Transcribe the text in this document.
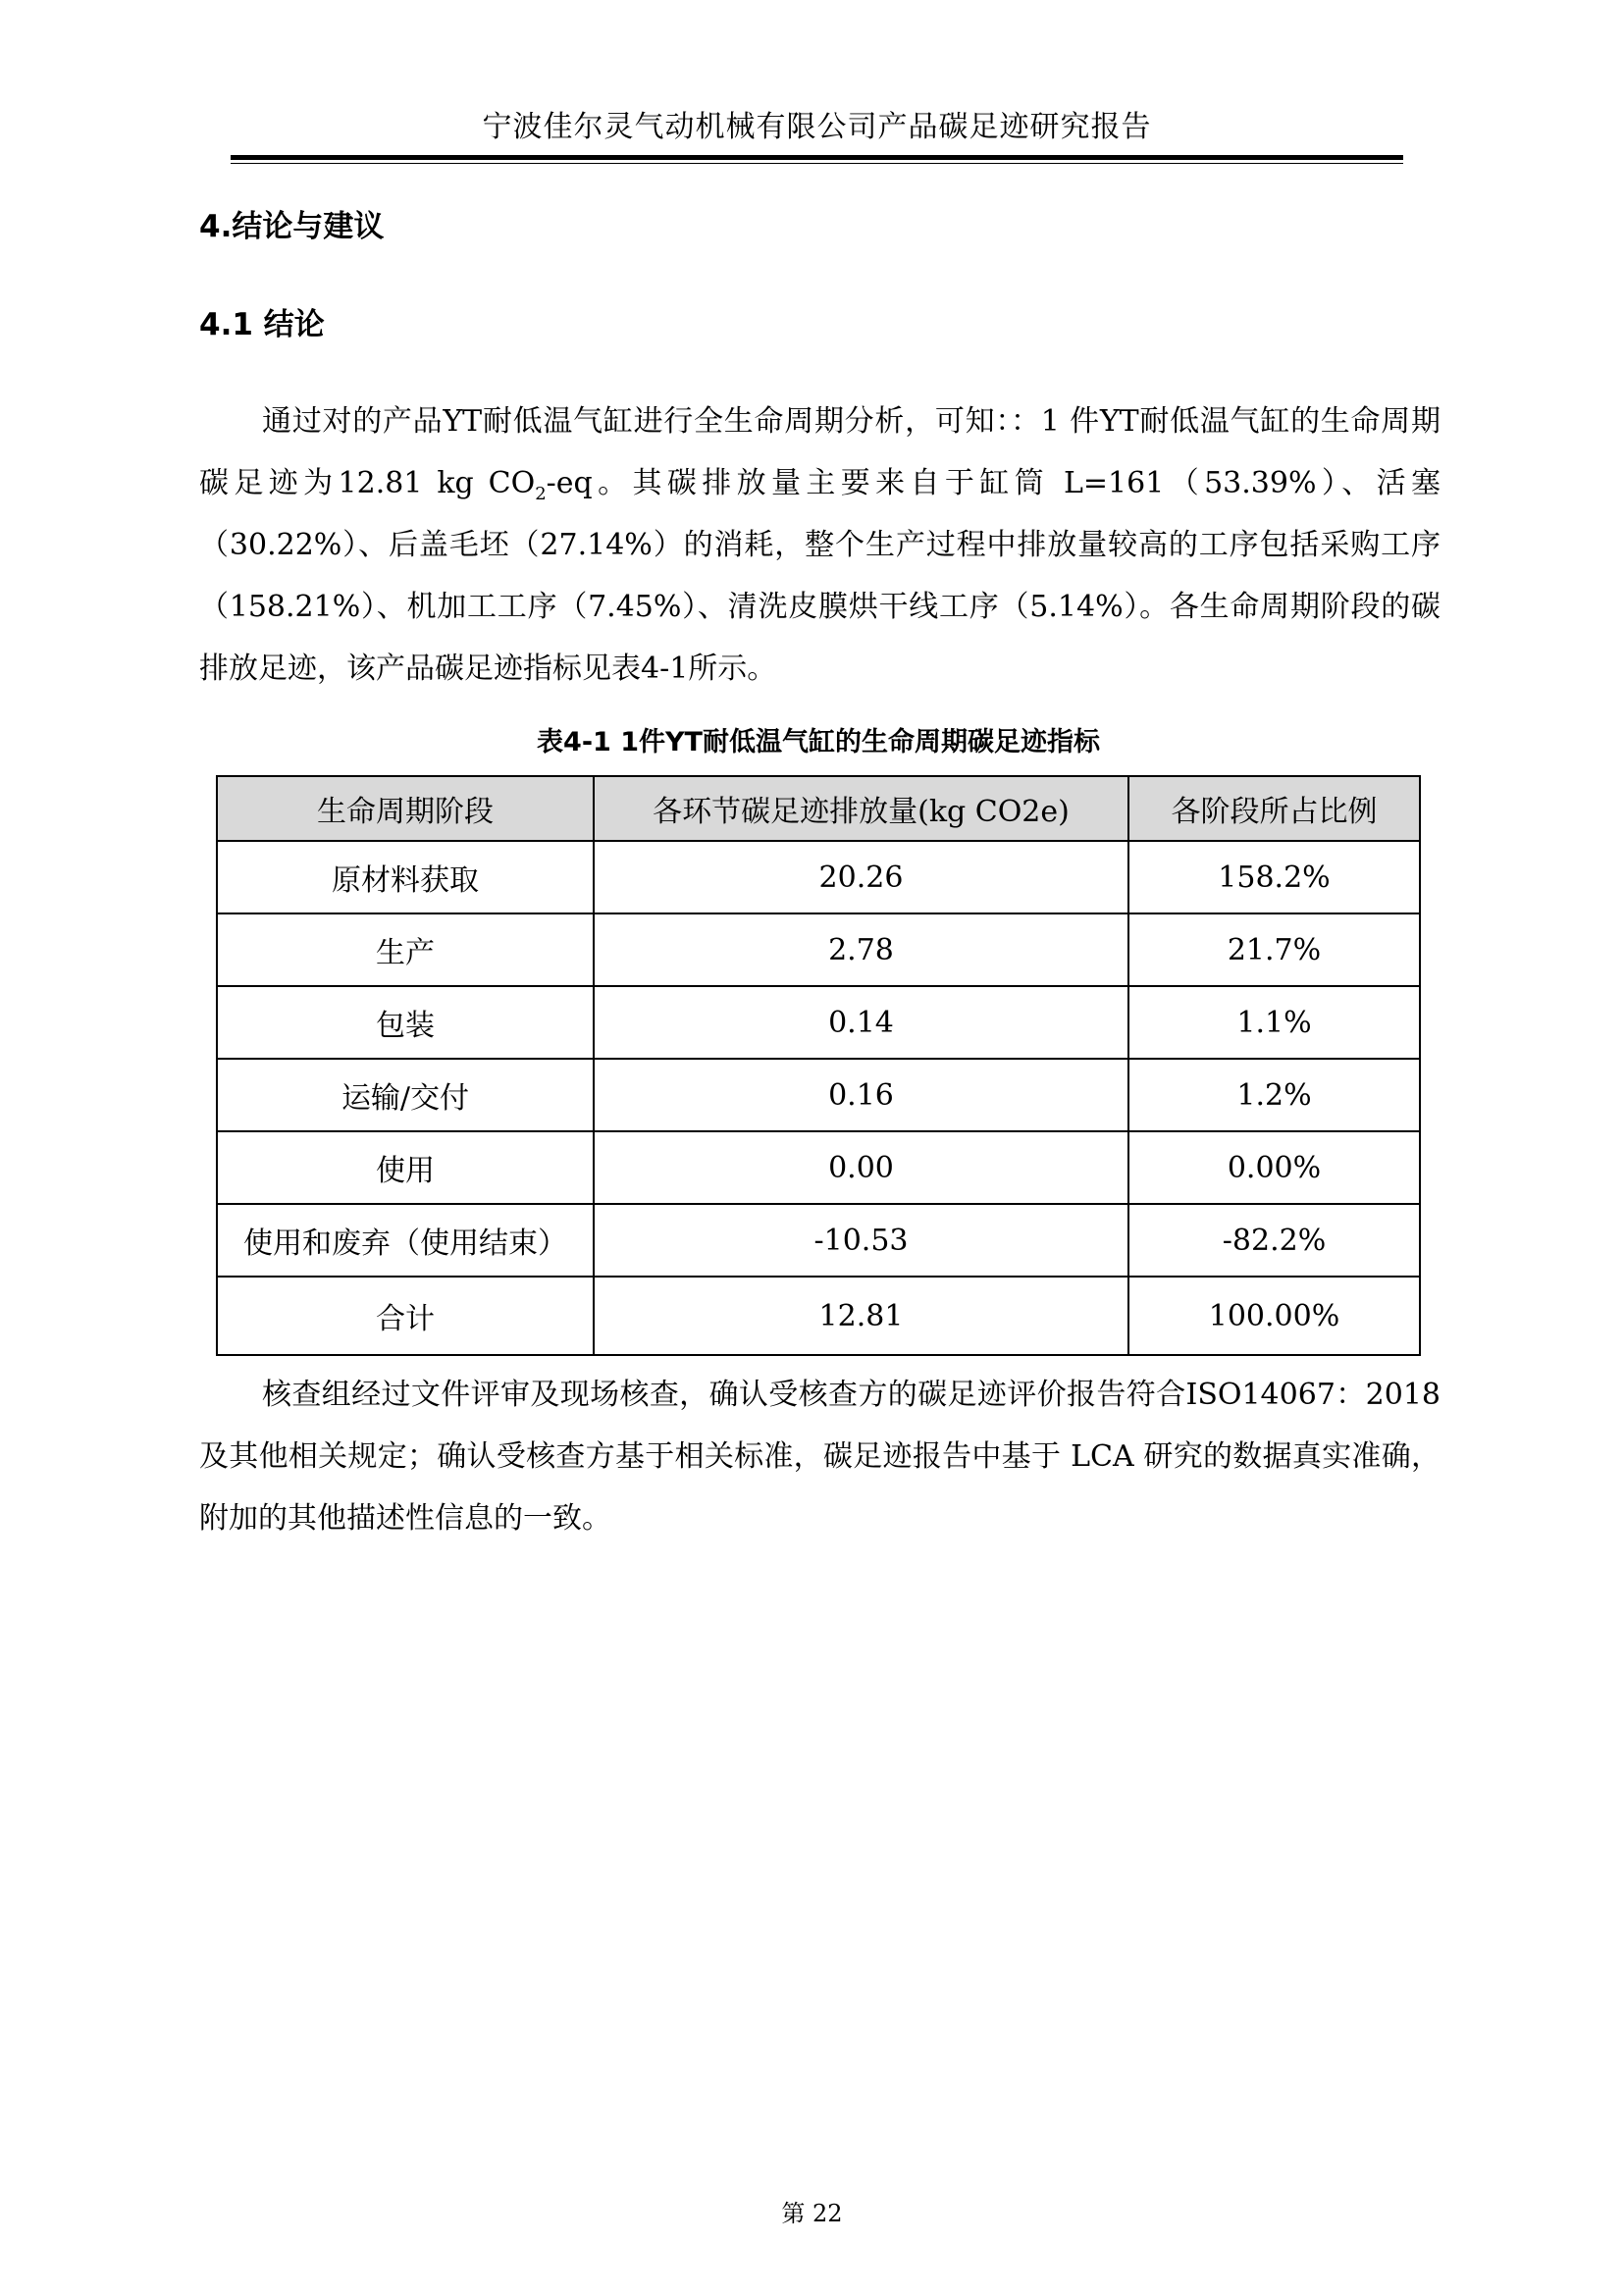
宁波佳尔灵气动机械有限公司产品碳足迹研究报告
4.结论与建议
4.1 结论

通过对的产品YT耐低温气缸进行全生命周期分析，可知：：1 件YT耐低温气缸的生命周期碳足迹为12.81 kg $CO_2-eq$。其碳排放量主要来自于缸筒 L=161（53.39%）、活塞（30.22%）、后盖毛坯（27.14%）的消耗，整个生产过程中排放量较高的工序包括采购工序（158.21%）、机加工工序（7.45%）、清洗皮膜烘干线工序（5.14%）。各生命周期阶段的碳排放足迹，该产品碳足迹指标见表4-1所示。

表4-1 1件YT耐低温气缸的生命周期碳足迹指标
生命周期阶段	各环节碳足迹排放量(kg CO2e)	各阶段所占比例
原材料获取	20.26	158.2%
生产	2.78	21.7%
包装	0.14	1.1%
运输/交付	0.16	1.2%
使用	0.00	0.00%
使用和废弃（使用结束）	-10.53	-82.2%
合计	12.81	100.00%

核查组经过文件评审及现场核查，确认受核查方的碳足迹评价报告符合ISO14067：2018 及其他相关规定；确认受核查方基于相关标准，碳足迹报告中基于 LCA 研究的数据真实准确，附加的其他描述性信息的一致。

第 22
